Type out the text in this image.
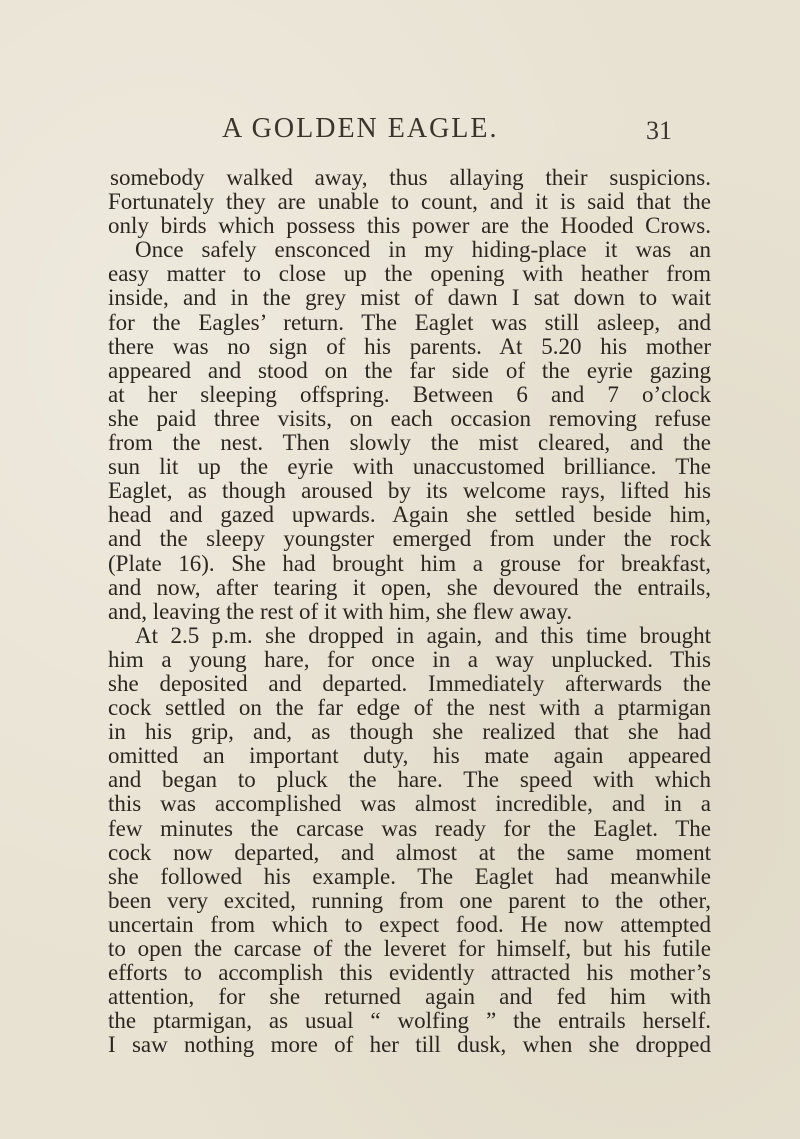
A GOLDEN EAGLE.	31
somebody walked away, thus allaying their suspicions.
Fortunately they are unable to count, and it is said that the
only birds which possess this power are the Hooded Crows.
Once safely ensconced in my hiding-place it was an
easy matter to close up the opening with heather from
inside, and in the grey mist of dawn I sat down to wait
for the Eagles’ return. The Eaglet was still asleep, and
there was no sign of his parents. At 5.20 his mother
appeared and stood on the far side of the eyrie gazing
at her sleeping offspring. Between 6 and 7 o’clock
she paid three visits, on each occasion removing refuse
from the nest. Then slowly the mist cleared, and the
sun lit up the eyrie with unaccustomed brilliance. The
Eaglet, as though aroused by its welcome rays, lifted his
head and gazed upwards. Again she settled beside him,
and the sleepy youngster emerged from under the rock
(Plate 16). She had brought him a grouse for breakfast,
and now, after tearing it open, she devoured the entrails,
and, leaving the rest of it with him, she flew away.
At 2.5 p.m. she dropped in again, and this time brought
him a young hare, for once in a way unplucked. This
she deposited and departed. Immediately afterwards the
cock settled on the far edge of the nest with a ptarmigan
in his grip, and, as though she realized that she had
omitted an important duty, his mate again appeared
and began to pluck the hare. The speed with which
this was accomplished was almost incredible, and in a
few minutes the carcase was ready for the Eaglet. The
cock now departed, and almost at the same moment
she followed his example. The Eaglet had meanwhile
been very excited, running from one parent to the other,
uncertain from which to expect food. He now attempted
to open the carcase of the leveret for himself, but his futile
efforts to accomplish this evidently attracted his mother’s
attention, for she returned again and fed him with
the ptarmigan, as usual “ wolfing ” the entrails herself.
I saw nothing more of her till dusk, when she dropped
